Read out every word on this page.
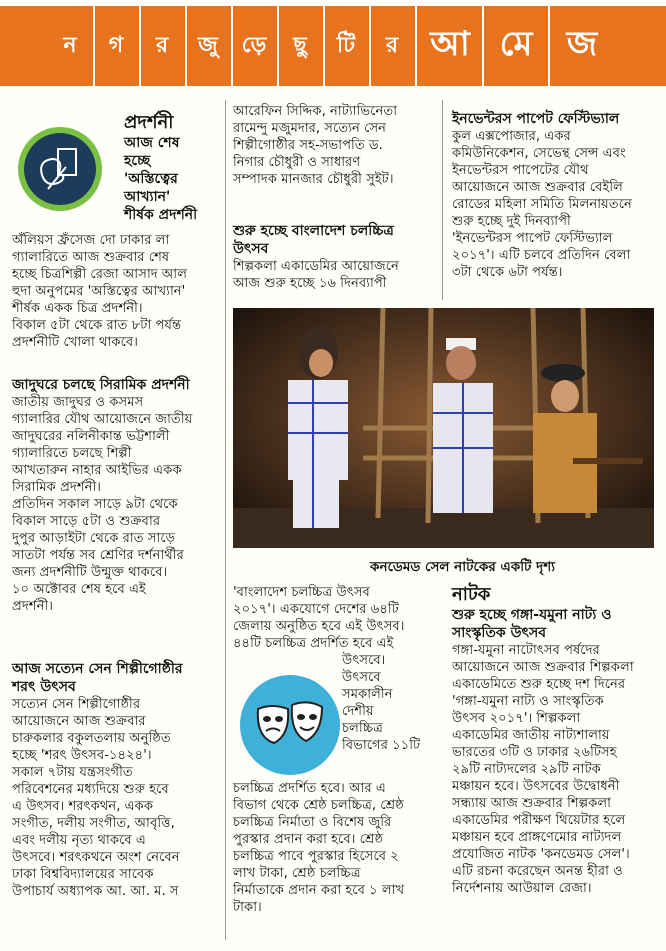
ন	গ	র	জু	ড়ে	ছু	টি	র আ মে	জ

প্রদর্শনী

আজ শেষ

হচ্ছে

'অস্তিত্বের

আখ্যান'

শীর্ষক প্রদর্শনী

অঁলিয়স ফ্রঁসেজ দো ঢাকার লা

গ্যালারিতে আজ শুক্রবার শেষ

হচ্ছে চিত্রশিল্পী রেজা আসাদ আল

হুদা অনুপমের 'অস্তিত্বের আখ্যান'

শীর্ষক একক চিত্র প্রদর্শনী।

বিকাল ৫টা থেকে রাত ৮টা পর্যন্ত

প্রদর্শনীটি খোলা থাকবে।

জাদুঘরে চলছে সিরামিক প্রদর্শনী

জাতীয় জাদুঘর ও কসমস

গ্যালারির যৌথ আয়োজনে জাতীয়

জাদুঘরের নলিনীকান্ত ভট্টশালী

গ্যালারিতে চলছে শিল্পী

আখতারুন নাহার আইভির একক

সিরামিক প্রদর্শনী।

প্রতিদিন সকাল সাড়ে ৯টা থেকে

বিকাল সাড়ে ৫টা ও শুক্রবার

দুপুর আড়াইটা থেকে রাত সাড়ে

সাতটা পর্যন্ত সব শ্রেণির দর্শনার্থীর

জন্য প্রদর্শনীটি উন্মুক্ত থাকবে।

১০ অক্টোবর শেষ হবে এই

প্রদর্শনী।

আজ সত্যেন সেন শিল্পীগোষ্ঠীর

শরৎ উৎসব

সত্যেন সেন শিল্পীগোষ্ঠীর

আয়োজনে আজ শুক্রবার

চারুকলার বকুলতলায় অনুষ্ঠিত

হচ্ছে 'শরৎ উৎসব-১৪২৪'।

সকাল ৭টায় যন্ত্রসংগীত

পরিবেশনের মধ্যদিয়ে শুরু হবে

এ উৎসব। শরৎকথন, একক

সংগীত, দলীয় সংগীত, আবৃত্তি,

এবং দলীয় নৃত্য থাকবে এ

উৎসবে। শরৎকথনে অংশ নেবেন

ঢাকা বিশ্ববিদ্যালয়ের সাবেক

উপাচার্য অধ্যাপক আ. আ. ম. স

আরেফিন সিদ্দিক, নাট্যাভিনেতা

রামেন্দু মজুমদার, সত্যেন সেন

শিল্পীগোষ্ঠীর সহ-সভাপতি ড.

নিগার চৌধুরী ও সাধারণ

সম্পাদক মানজার চৌধুরী সুইট।

শুরু হচ্ছে বাংলাদেশ চলচ্চিত্র

উৎসব

শিল্পকলা একাডেমির আয়োজনে

আজ শুরু হচ্ছে ১৬ দিনব্যাপী

ইনভেন্টরস পাপেট ফেস্টিভ্যাল

কুল এক্সপোজার, একর

কমিউনিকেশন, সেভেন্থ সেন্স এবং

ইনভেন্টরস পাপেটের যৌথ

আয়োজনে আজ শুক্রবার বেইলি

রোডের মহিলা সমিতি মিলনায়তনে

শুরু হচ্ছে দুই দিনব্যাপী

'ইনভেন্টরস পাপেট ফেস্টিভ্যাল

২০১৭'। এটি চলবে প্রতিদিন বেলা

৩টা থেকে ৬টা পর্যন্ত।

কনডেমড সেল নাটকের একটি দৃশ্য

'বাংলাদেশ চলচ্চিত্র উৎসব

২০১৭'। একযোগে দেশের ৬৪টি

জেলায় অনুষ্ঠিত হবে এই উৎসব।

৪৪টি চলচ্চিত্র প্রদর্শিত হবে এই

উৎসবে।

উৎসবে

সমকালীন

দেশীয়

চলচ্চিত্র

বিভাগের ১১টি

চলচ্চিত্র প্রদর্শিত হবে। আর এ

বিভাগ থেকে শ্রেষ্ঠ চলচ্চিত্র, শ্রেষ্ঠ

চলচ্চিত্র নির্মাতা ও বিশেষ জুরি

পুরস্কার প্রদান করা হবে। শ্রেষ্ঠ

চলচ্চিত্র পাবে পুরস্কার হিসেবে ২

লাখ টাকা, শ্রেষ্ঠ চলচ্চিত্র

নির্মাতাকে প্রদান করা হবে ১ লাখ

টাকা।

নাটক

শুরু হচ্ছে গঙ্গা-যমুনা নাট্য ও

সাংস্কৃতিক উৎসব

গঙ্গা-যমুনা নাটোৎসব পর্ষদের

আয়োজনে আজ শুক্রবার শিল্পকলা

একাডেমিতে শুরু হচ্ছে দশ দিনের

'গঙ্গা-যমুনা নাট্য ও সাংস্কৃতিক

উৎসব ২০১৭'। শিল্পকলা

একাডেমির জাতীয় নাট্যশালায়

ভারতের ৩টি ও ঢাকার ২৬টিসহ

২৯টি নাট্যদলের ২৯টি নাটক

মঞ্চায়ন হবে। উৎসবের উদ্বোধনী

সন্ধ্যায় আজ শুক্রবার শিল্পকলা

একাডেমির পরীক্ষণ থিয়েটার হলে

মঞ্চায়ন হবে প্রাঙ্গণেমোর নাট্যদল

প্রযোজিত নাটক 'কনডেমড সেল'।

এটি রচনা করেছেন অনন্ত হীরা ও

নির্দেশনায় আউয়াল রেজা।
